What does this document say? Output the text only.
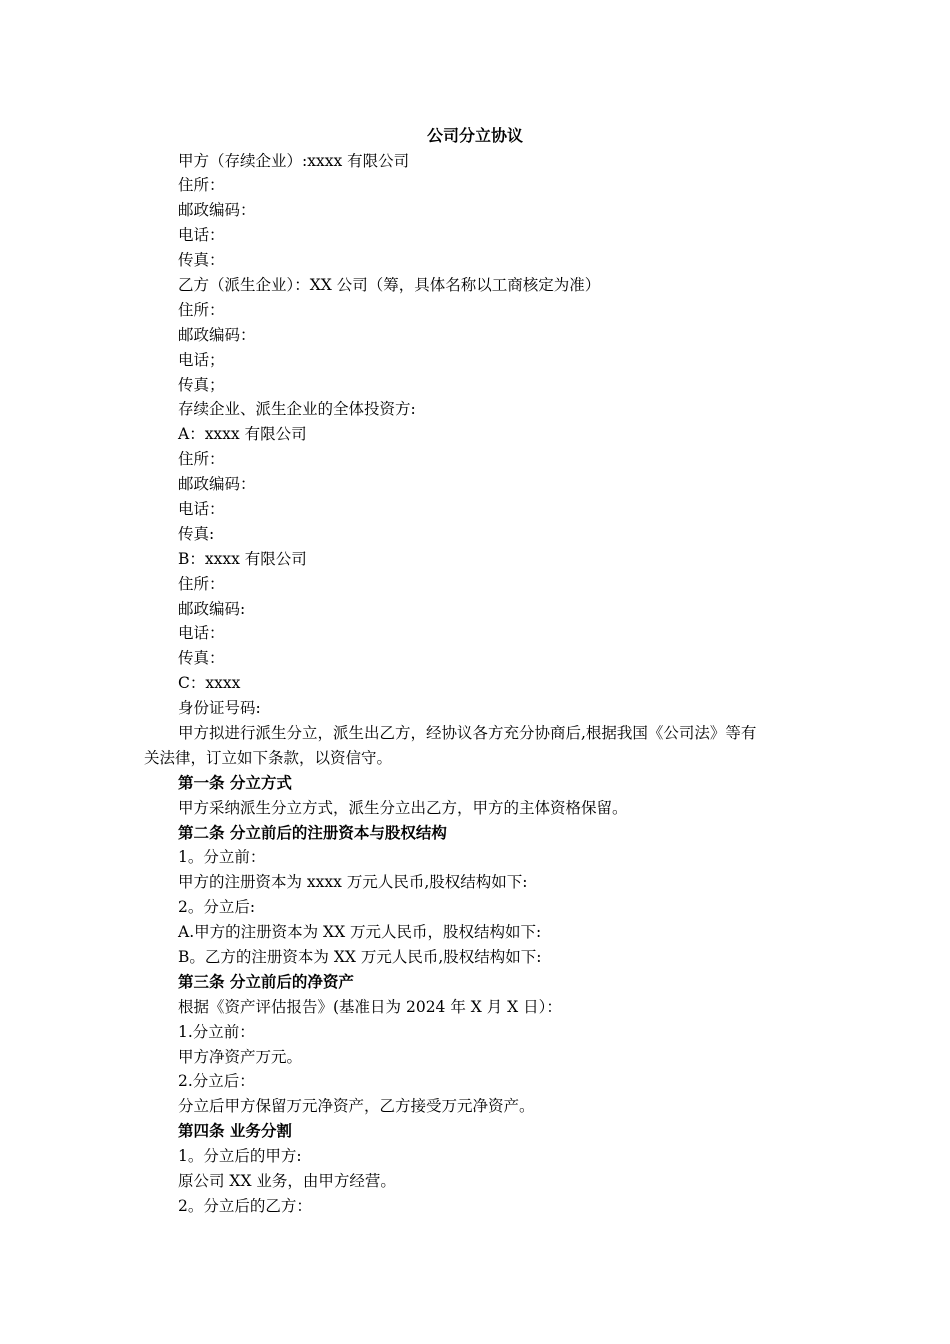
公司分立协议
甲方（存续企业）:xxxx 有限公司
住所：
邮政编码：
电话：
传真：
乙方（派生企业）：XX 公司（筹，具体名称以工商核定为准）
住所：
邮政编码：
电话；
传真；
存续企业、派生企业的全体投资方:
A：xxxx 有限公司
住所：
邮政编码：
电话：
传真:
B：xxxx 有限公司
住所：
邮政编码:
电话：
传真：
C：xxxx
身份证号码:
甲方拟进行派生分立，派生出乙方，经协议各方充分协商后,根据我国《公司法》等有
关法律，订立如下条款，以资信守。
第一条 分立方式
甲方采纳派生分立方式，派生分立出乙方，甲方的主体资格保留。
第二条 分立前后的注册资本与股权结构
1。分立前：
甲方的注册资本为 xxxx 万元人民币,股权结构如下:
2。分立后:
A.甲方的注册资本为 XX 万元人民币，股权结构如下:
B。乙方的注册资本为 XX 万元人民币,股权结构如下:
第三条 分立前后的净资产
根据《资产评估报告》(基准日为 2024 年 X 月 X 日）：
1.分立前：
甲方净资产万元。
2.分立后：
分立后甲方保留万元净资产，乙方接受万元净资产。
第四条 业务分割
1。分立后的甲方:
原公司 XX 业务，由甲方经营。
2。分立后的乙方：
